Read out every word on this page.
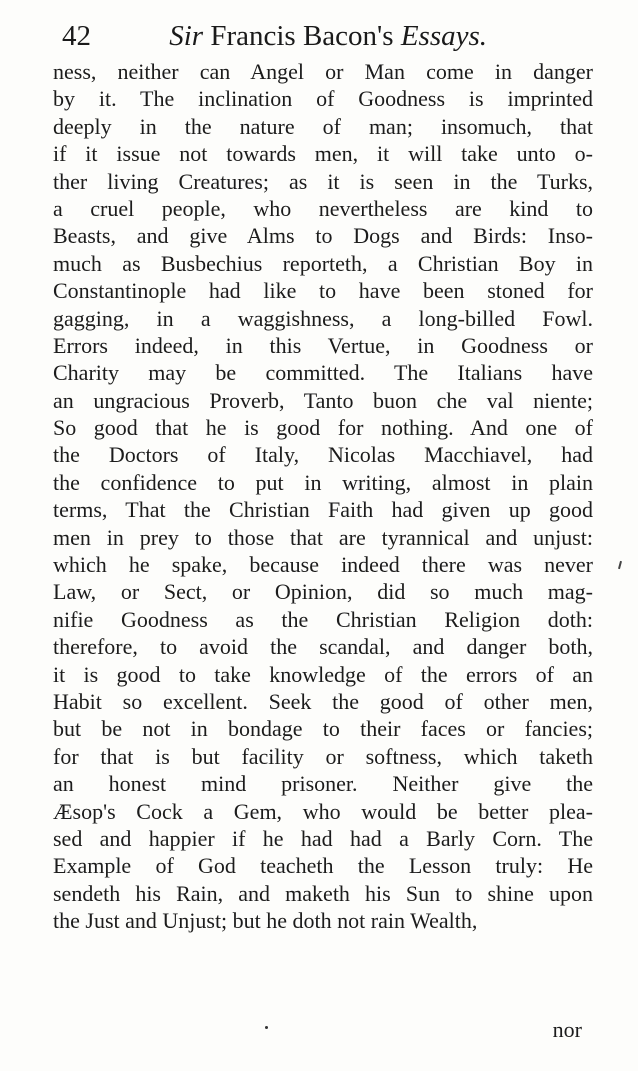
42	Sir Francis Bacon's Essays.
ness, neither can Angel or Man come in danger
by it. The inclination of Goodness is imprinted
deeply in the nature of man; insomuch, that
if it issue not towards men, it will take unto o-
ther living Creatures; as it is seen in the Turks,
a cruel people, who nevertheless are kind to
Beasts, and give Alms to Dogs and Birds: Inso-
much as Busbechius reporteth, a Christian Boy in
Constantinople had like to have been stoned for
gagging, in a waggishness, a long-billed Fowl.
Errors indeed, in this Vertue, in Goodness or
Charity may be committed. The Italians have
an ungracious Proverb, Tanto buon che val niente;
So good that he is good for nothing. And one of
the Doctors of Italy, Nicolas Macchiavel, had
the confidence to put in writing, almost in plain
terms, That the Christian Faith had given up good
men in prey to those that are tyrannical and unjust:
which he spake, because indeed there was never
Law, or Sect, or Opinion, did so much mag-
nifie Goodness as the Christian Religion doth:
therefore, to avoid the scandal, and danger both,
it is good to take knowledge of the errors of an
Habit so excellent. Seek the good of other men,
but be not in bondage to their faces or fancies;
for that is but facility or softness, which taketh
an honest mind prisoner. Neither give the
Æsop's Cock a Gem, who would be better plea-
sed and happier if he had had a Barly Corn. The
Example of God teacheth the Lesson truly: He
sendeth his Rain, and maketh his Sun to shine upon
the Just and Unjust; but he doth not rain Wealth,
nor
